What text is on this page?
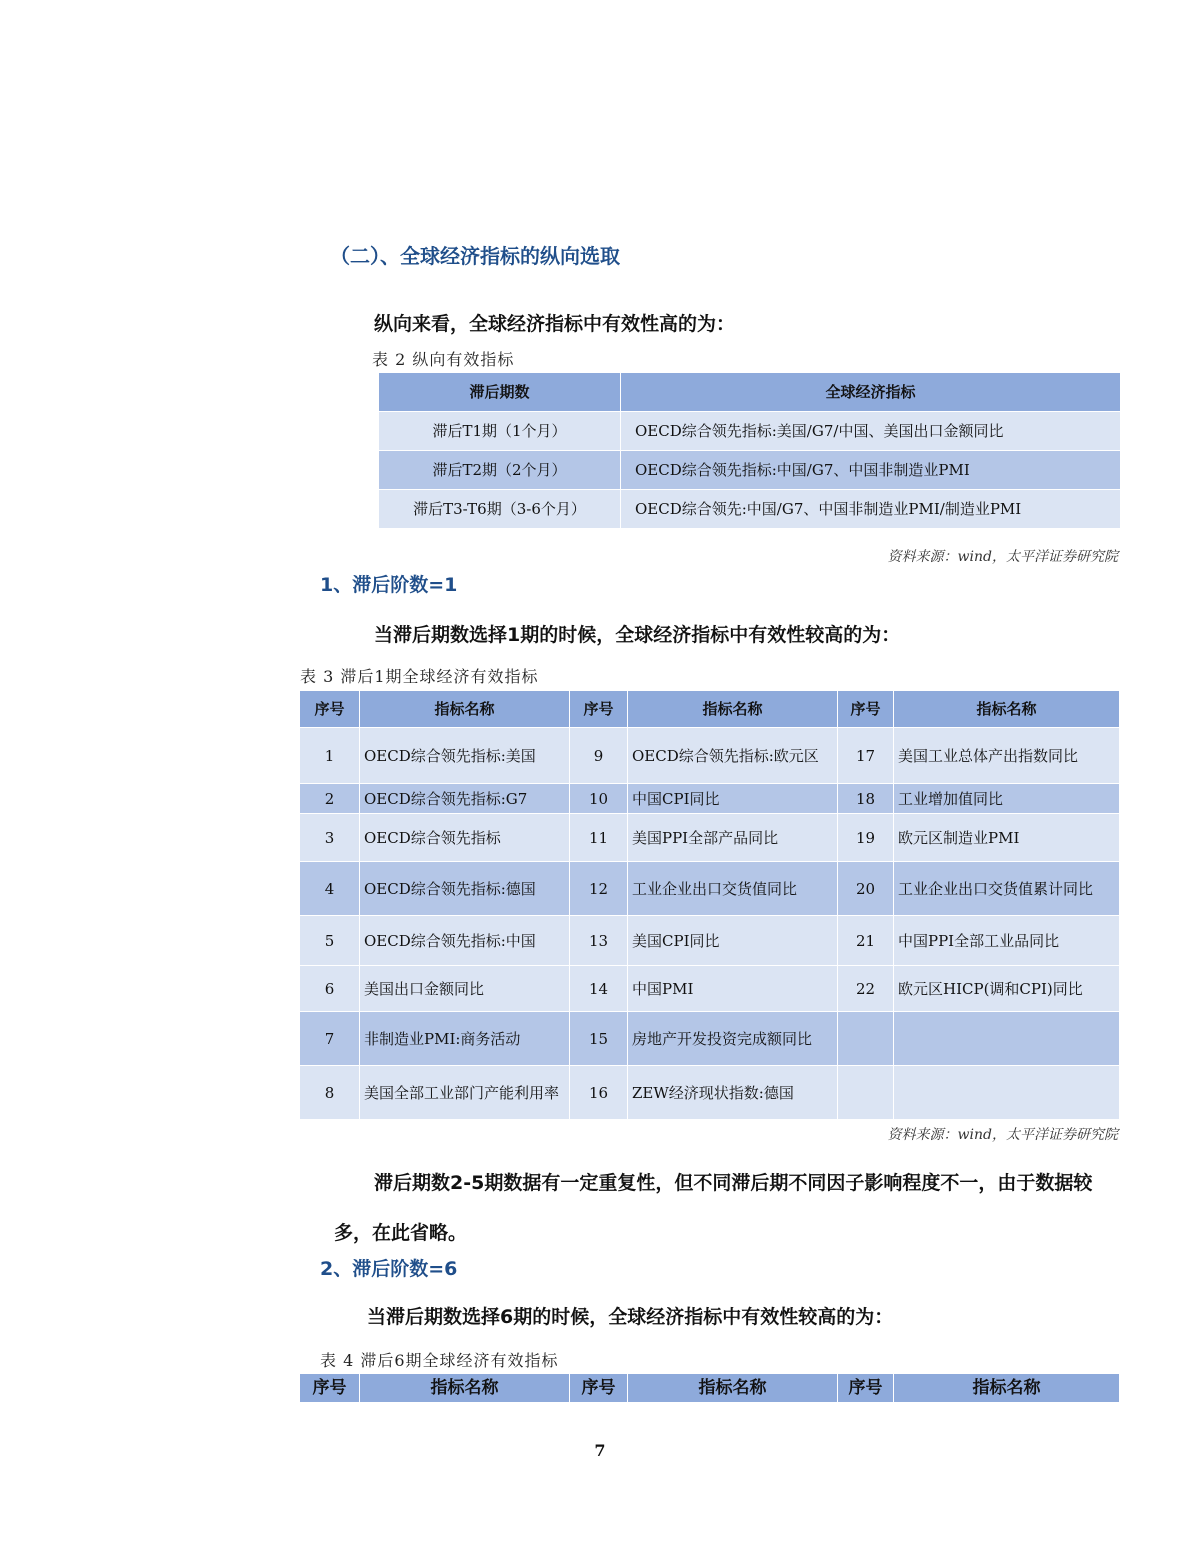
（二）、全球经济指标的纵向选取
纵向来看，全球经济指标中有效性高的为：
表 2 纵向有效指标
滞后期数	全球经济指标
滞后T1期（1个月）	OECD综合领先指标:美国/G7/中国、美国出口金额同比
滞后T2期（2个月）	OECD综合领先指标:中国/G7、中国非制造业PMI
滞后T3-T6期（3-6个月）	OECD综合领先:中国/G7、中国非制造业PMI/制造业PMI
资料来源：wind，太平洋证券研究院
1、滞后阶数=1
当滞后期数选择1期的时候，全球经济指标中有效性较高的为：
表 3 滞后1期全球经济有效指标
序号	指标名称	序号	指标名称	序号	指标名称
1	OECD综合领先指标:美国	9	OECD综合领先指标:欧元区	17	美国工业总体产出指数同比
2	OECD综合领先指标:G7	10	中国CPI同比	18	工业增加值同比
3	OECD综合领先指标	11	美国PPI全部产品同比	19	欧元区制造业PMI
4	OECD综合领先指标:德国	12	工业企业出口交货值同比	20	工业企业出口交货值累计同比
5	OECD综合领先指标:中国	13	美国CPI同比	21	中国PPI全部工业品同比
6	美国出口金额同比	14	中国PMI	22	欧元区HICP(调和CPI)同比
7	非制造业PMI:商务活动	15	房地产开发投资完成额同比		
8	美国全部工业部门产能利用率	16	ZEW经济现状指数:德国		
资料来源：wind，太平洋证券研究院
滞后期数2-5期数据有一定重复性，但不同滞后期不同因子影响程度不一，由于数据较多，在此省略。
2、滞后阶数=6
当滞后期数选择6期的时候，全球经济指标中有效性较高的为：
表 4 滞后6期全球经济有效指标
序号	指标名称	序号	指标名称	序号	指标名称
7
